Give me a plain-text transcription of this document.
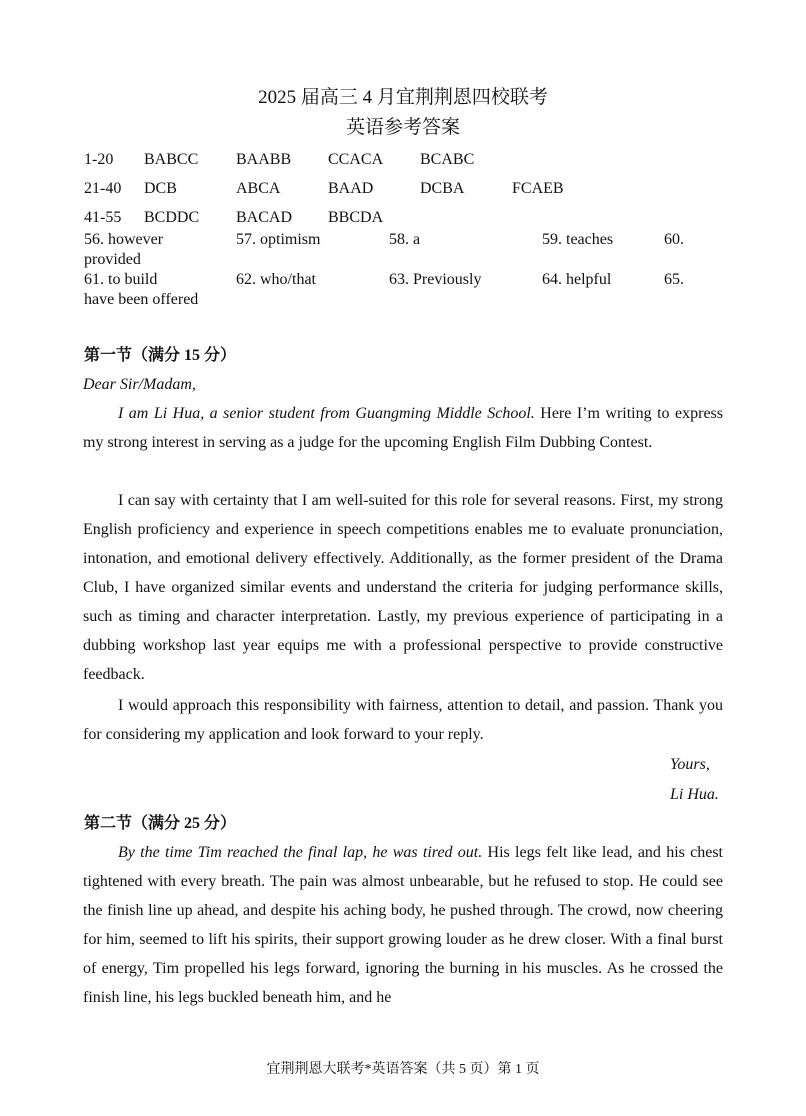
2025 届高三 4 月宜荆荆恩四校联考
英语参考答案
1-20 BABCC BAABB CCACA BCABC
21-40 DCB	ABCA	BAAD	DCBA	FCAEB
41-55 BCDDC BACAD BBCDA
56. however	57. optimism	58. a	59. teaches	60.
provided
61. to build	62. who/that	63. Previously	64. helpful	65.
have been offered
第一节（满分 15 分）
Dear Sir/Madam,
I am Li Hua, a senior student from Guangming Middle School. Here I’m writing to express my strong interest in serving as a judge for the upcoming English Film Dubbing Contest.
I can say with certainty that I am well-suited for this role for several reasons. First, my strong English proficiency and experience in speech competitions enables me to evaluate pronunciation, intonation, and emotional delivery effectively. Additionally, as the former president of the Drama Club, I have organized similar events and understand the criteria for judging performance skills, such as timing and character interpretation. Lastly, my previous experience of participating in a dubbing workshop last year equips me with a professional perspective to provide constructive feedback.
I would approach this responsibility with fairness, attention to detail, and passion. Thank you for considering my application and look forward to your reply.
Yours,
Li Hua.
第二节（满分 25 分）
By the time Tim reached the final lap, he was tired out. His legs felt like lead, and his chest tightened with every breath. The pain was almost unbearable, but he refused to stop. He could see the finish line up ahead, and despite his aching body, he pushed through. The crowd, now cheering for him, seemed to lift his spirits, their support growing louder as he drew closer. With a final burst of energy, Tim propelled his legs forward, ignoring the burning in his muscles. As he crossed the finish line, his legs buckled beneath him, and he
宜荆荆恩大联考*英语答案（共 5 页）第 1 页
